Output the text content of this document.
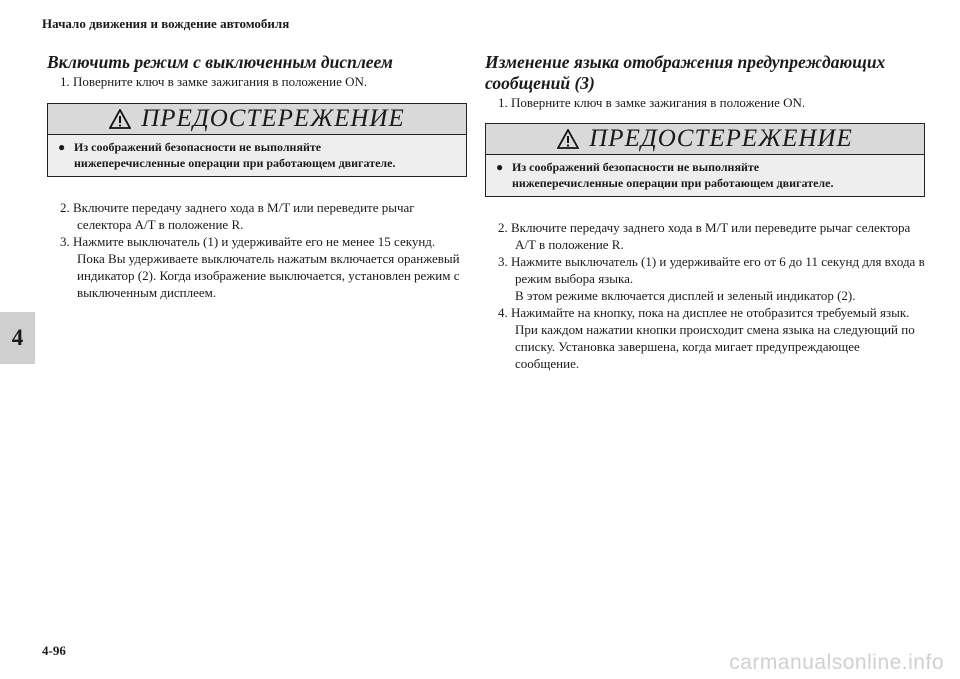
Начало движения и вождение автомобиля
4
Включить режим с выключенным дисплеем
1. Поверните ключ в замке зажигания в положение ON.
ПРЕДОСТЕРЕЖЕНИЕ
● Из соображений безопасности не выполняйте
нижеперечисленные операции при работающем двигателе.
2. Включите передачу заднего хода в M/T или переведите рычаг селектора A/T в положение R.
3. Нажмите выключатель (1) и удерживайте его не менее 15 секунд.
Пока Вы удерживаете выключатель нажатым включается оранжевый индикатор (2). Когда изображение выключается, установлен режим с выключенным дисплеем.
Изменение языка отображения предупреждающих
сообщений (3)
1. Поверните ключ в замке зажигания в положение ON.
ПРЕДОСТЕРЕЖЕНИЕ
● Из соображений безопасности не выполняйте
нижеперечисленные операции при работающем двигателе.
2. Включите передачу заднего хода в M/T или переведите рычаг селектора A/T в положение R.
3. Нажмите выключатель (1) и удерживайте его от 6 до 11 секунд для входа в режим выбора языка.
В этом режиме включается дисплей и зеленый индикатор (2).
4. Нажимайте на кнопку, пока на дисплее не отобразится требуемый язык.
При каждом нажатии кнопки происходит смена языка на следующий по списку. Установка завершена, когда мигает предупреждающее сообщение.
4-96
carmanualsonline.info
